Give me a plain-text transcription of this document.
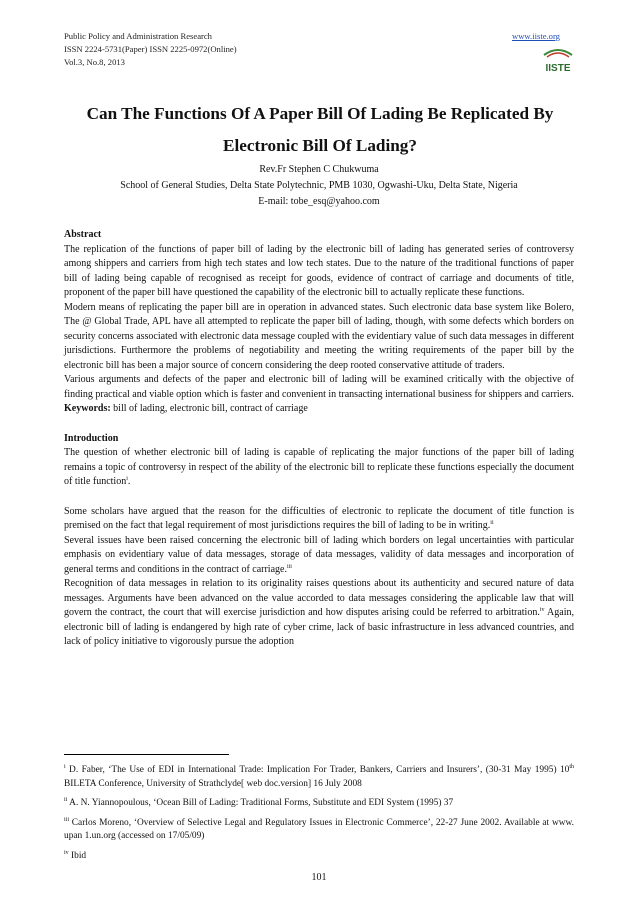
Public Policy and Administration Research
ISSN 2224-5731(Paper) ISSN 2225-0972(Online)
Vol.3, No.8, 2013
www.iiste.org
IISTE
Can The Functions Of A Paper Bill Of Lading Be Replicated By
Electronic Bill Of Lading?
Rev.Fr Stephen C Chukwuma
School of General Studies, Delta State Polytechnic, PMB 1030, Ogwashi-Uku, Delta State, Nigeria
E-mail: tobe_esq@yahoo.com

Abstract

The replication of the functions of paper bill of lading by the electronic bill of lading has generated series of controversy among shippers and carriers from high tech states and low tech states. Due to the nature of the traditional functions of paper bill of lading being capable of recognised as receipt for goods, evidence of contract of carriage and documents of title, proponent of the paper bill have questioned the capability of the electronic bill to actually replicate these functions.

Modern means of replicating the paper bill are in operation in advanced states. Such electronic data base system like Bolero, The @ Global Trade, APL have all attempted to replicate the paper bill of lading, though, with some defects which borders on security concerns associated with electronic data message coupled with the evidentiary value of such data messages in different jurisdictions. Furthermore the problems of negotiability and meeting the writing requirements of the paper bill by the electronic bill has been a major source of concern considering the deep rooted conservative attitude of traders.

Various arguments and defects of the paper and electronic bill of lading will be examined critically with the objective of finding practical and viable option which is faster and convenient in transacting international business for shippers and carriers.

Keywords: bill of lading, electronic bill, contract of carriage

Introduction

The question of whether electronic bill of lading is capable of replicating the major functions of the paper bill of lading remains a topic of controversy in respect of the ability of the electronic bill to replicate these functions especially the document of title function$^i$.

Some scholars have argued that the reason for the difficulties of electronic to replicate the document of title function is premised on the fact that legal requirement of most jurisdictions requires the bill of lading to be in writing.$^{ii}$

Several issues have been raised concerning the electronic bill of lading which borders on legal uncertainties with particular emphasis on evidentiary value of data messages, storage of data messages, validity of data messages and incorporation of general terms and conditions in the contract of carriage.$^{iii}$

Recognition of data messages in relation to its originality raises questions about its authenticity and secured nature of data messages. Arguments have been advanced on the value accorded to data messages considering the applicable law that will govern the contract, the court that will exercise jurisdiction and how disputes arising could be referred to arbitration.$^{iv}$ Again, electronic bill of lading is endangered by high rate of cyber crime, lack of basic infrastructure in less advanced countries, and lack of policy initiative to vigorously pursue the adoption

$^i$ D. Faber, ‘The Use of EDI in International Trade: Implication For Trader, Bankers, Carriers and Insurers’, (30-31 May 1995) 10th BILETA Conference, University of Strathclyde[ web doc.version] 16 July 2008

$^{ii}$ A. N. Yiannopoulous, ‘Ocean Bill of Lading: Traditional Forms, Substitute and EDI System (1995) 37

$^{iii}$ Carlos Moreno, ‘Overview of Selective Legal and Regulatory Issues in Electronic Commerce’, 22-27 June 2002. Available at www. upan 1.un.org (accessed on 17/05/09)

$^{iv}$ Ibid

101
